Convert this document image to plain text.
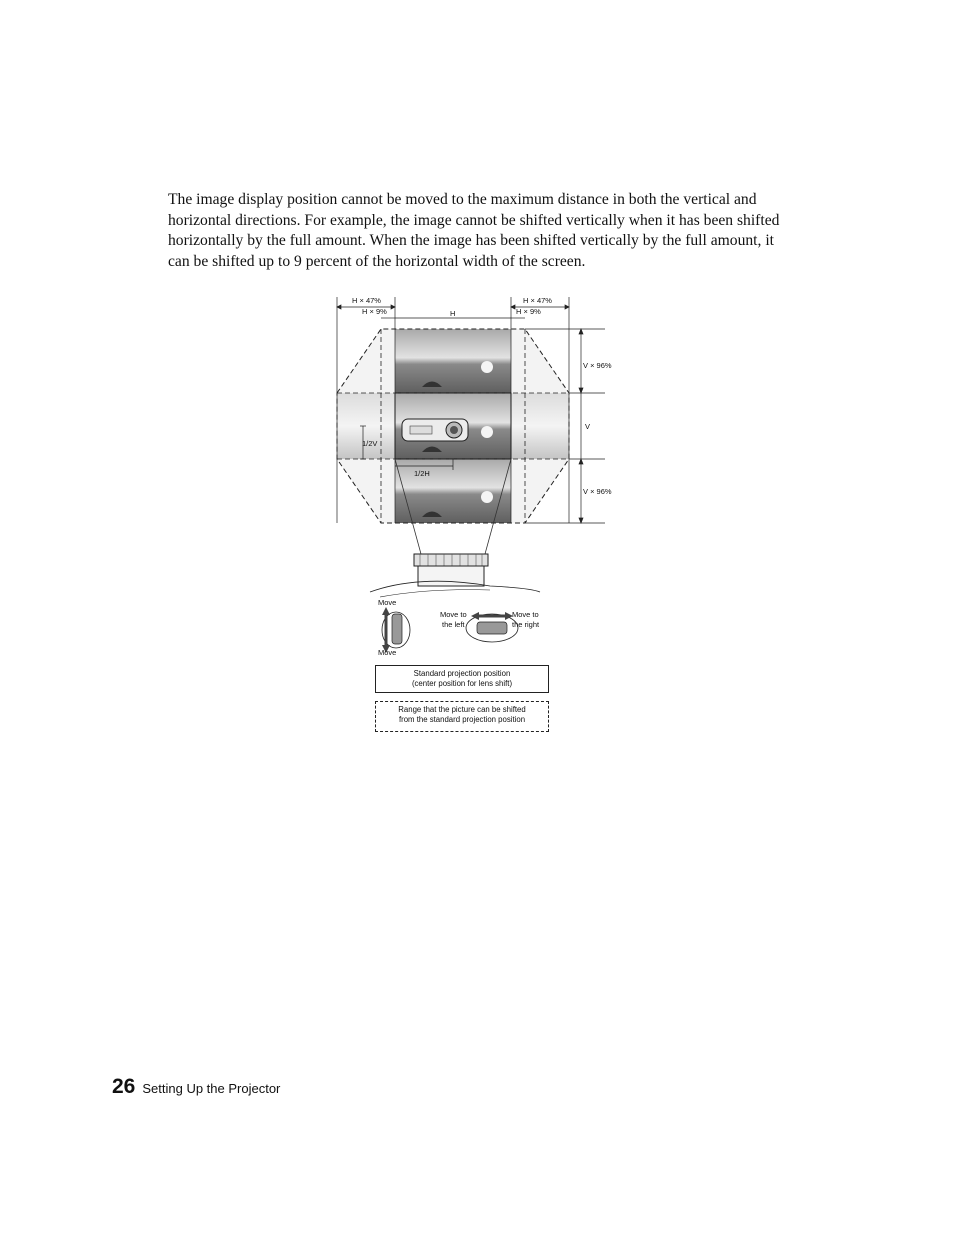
The image display position cannot be moved to the maximum distance in both the vertical and horizontal directions. For example, the image cannot be shifted vertically when it has been shifted horizontally by the full amount. When the image has been shifted vertically by the full amount, it can be shifted up to 9 percent of the horizontal width of the screen.

H × 47%
H × 9%	H
H × 47%
H × 9%
V × 96%
V
V × 96%
1/2V
1/2H
Move
Move
Move to
the left
Move to
the right
Standard projection position
(center position for lens shift)
Range that the picture can be shifted
from the standard projection position
26 Setting Up the Projector
